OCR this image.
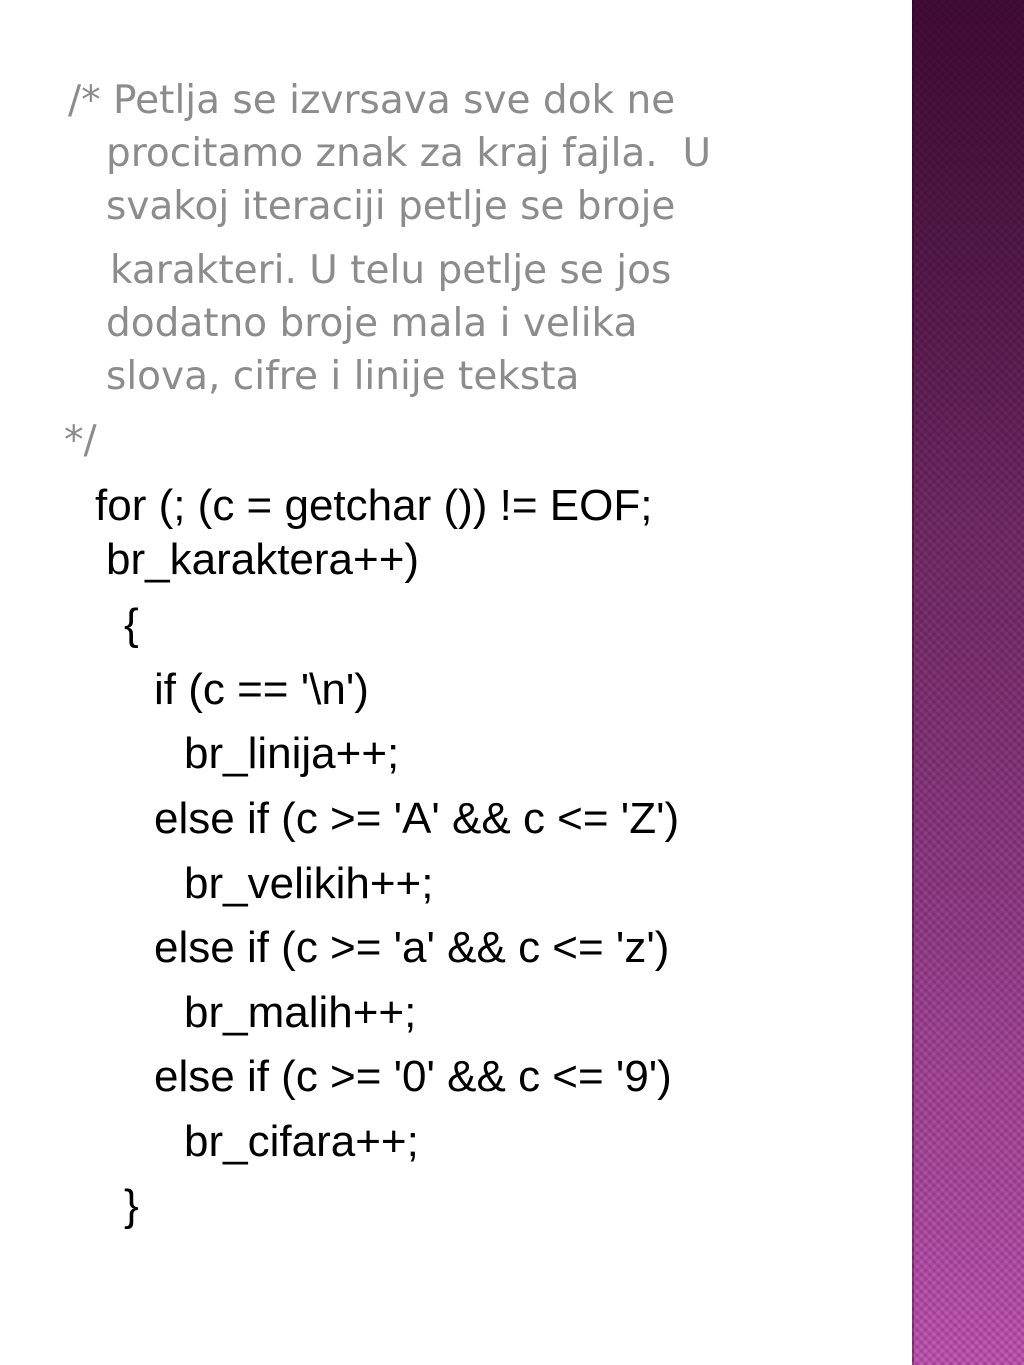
/* Petlja se izvrsava sve dok ne

procitamo znak za kraj fajla.  U

svakoj iteraciji petlje se broje

karakteri. U telu petlje se jos

dodatno broje mala i velika

slova, cifre i linije teksta

*/

for (; (c = getchar ()) != EOF;

br_karaktera++)

{

if (c == '\n')

br_linija++;

else if (c >= 'A' && c <= 'Z')

br_velikih++;

else if (c >= 'a' && c <= 'z')

br_malih++;

else if (c >= '0' && c <= '9')

br_cifara++;

}
